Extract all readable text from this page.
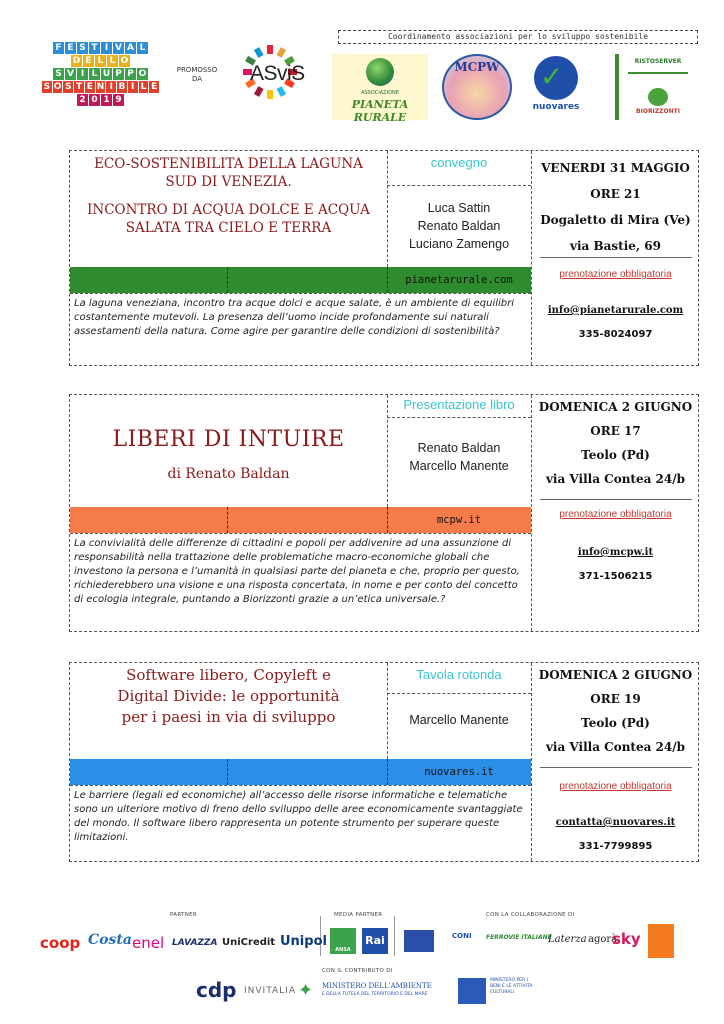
F E S T I V A L
D E L L O
S V I L U P P O
S O S T E N I B I L E
2 0 1 9
PROMOSSO DA	ASviS
Coordinamento associazioni per lo sviluppo sostenibile
ASSOCIAZIONE
PIANETA RURALE
MCPW	✓
nuovares
RISTOSERVER
BIORIZZONTI
ECO-SOSTENIBILITA DELLA LAGUNA
SUD DI VENEZIA.
INCONTRO DI ACQUA DOLCE E ACQUA
SALATA TRA CIELO E TERRA
convegno
Luca Sattin
Renato Baldan
Luciano Zamengo
VENERDI 31 MAGGIO
ORE 21
Dogaletto di Mira (Ve)
via Bastie, 69
pianetarurale.com	prenotazione obbligatoria
La laguna veneziana, incontro tra acque dolci e acque salate, è un ambiente di equilibri costantemente mutevoli. La presenza dell’uomo incide profondamente sui naturali assestamenti della natura. Come agire per garantire delle condizioni di sostenibilità?
info@pianetarurale.com
335-8024097
LIBERI DI INTUIRE
di Renato Baldan
Presentazione libro
Renato Baldan
Marcello Manente
DOMENICA 2 GIUGNO
ORE 17
Teolo (Pd)
via Villa Contea 24/b
mcpw.it	prenotazione obbligatoria
La convivialità delle differenze di cittadini e popoli per addivenire ad una assunzione di responsabilità nella trattazione delle problematiche macro-economiche globali che investono la persona e l’umanità in qualsiasi parte del pianeta e che, proprio per questo, richiederebbero una visione e una risposta concertata, in nome e per conto del concetto di ecologia integrale, puntando a Biorizzonti grazie a un’etica universale.?
info@mcpw.it
371-1506215
Software libero, Copyleft e
Digital Divide: le opportunità
per i paesi in via di sviluppo
Tavola rotonda
Marcello Manente
DOMENICA 2 GIUGNO
ORE 19
Teolo (Pd)
via Villa Contea 24/b
nuovares.it
prenotazione obbligatoria
Le barriere (legali ed economiche) all’accesso delle risorse informatiche e telematiche sono un ulteriore motivo di freno dello sviluppo delle aree economicamente svantaggiate del mondo. Il software libero rappresenta un potente strumento per superare queste limitazioni.
contatta@nuovares.it
331-7799895
PARTNER	MEDIA PARTNER	CON LA COLLABORAZIONE DI
CON IL CONTRIBUTO DI
coop Costa enel LAVAZZA UniCredit Unipol
ANSA
Rai	CONI FERROVIE ITALIANE
Laterza agorà
sky
cdp INVITALIA ✦ MINISTERO DELL'AMBIENTE
E DELLA TUTELA DEL TERRITORIO E DEL MARE
MINISTERO PER I BENI E LE ATTIVITÀ CULTURALI
